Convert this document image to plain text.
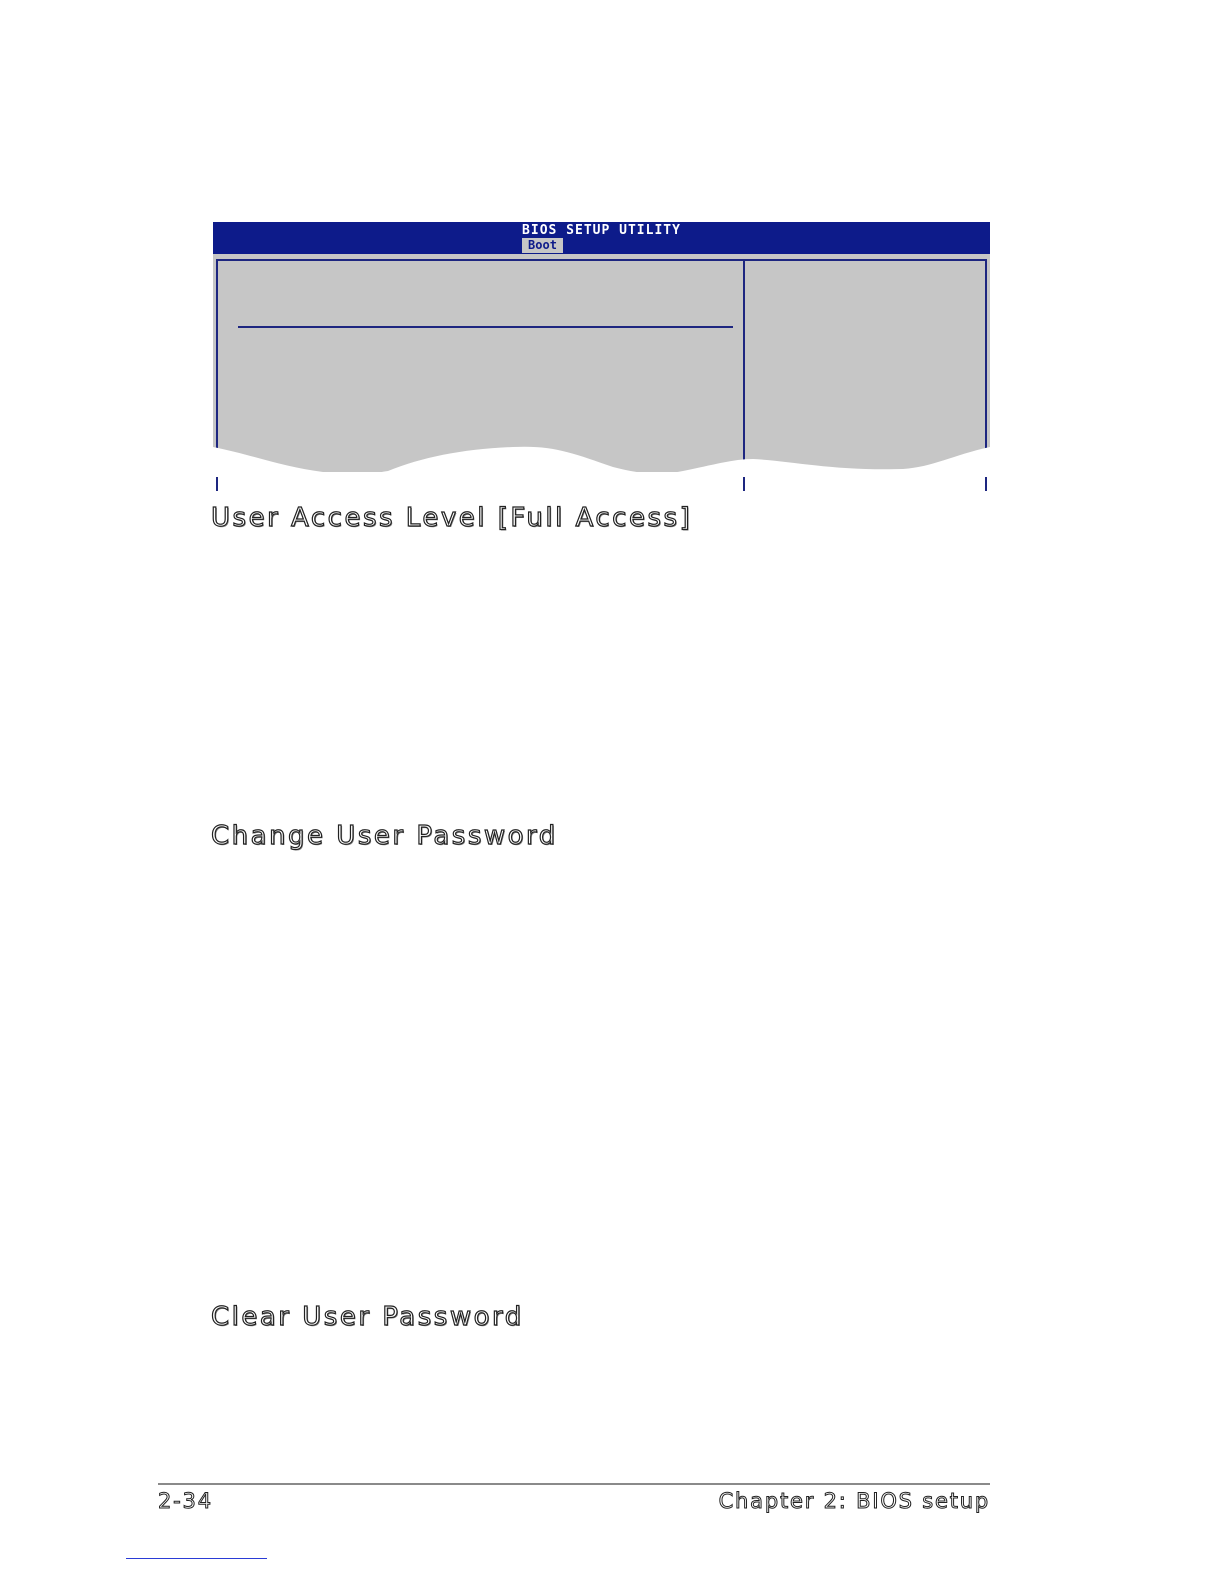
BIOS SETUP UTILITY
Boot
User Access Level [Full Access]
Change User Password
Clear User Password
2-34	Chapter 2: BIOS setup
